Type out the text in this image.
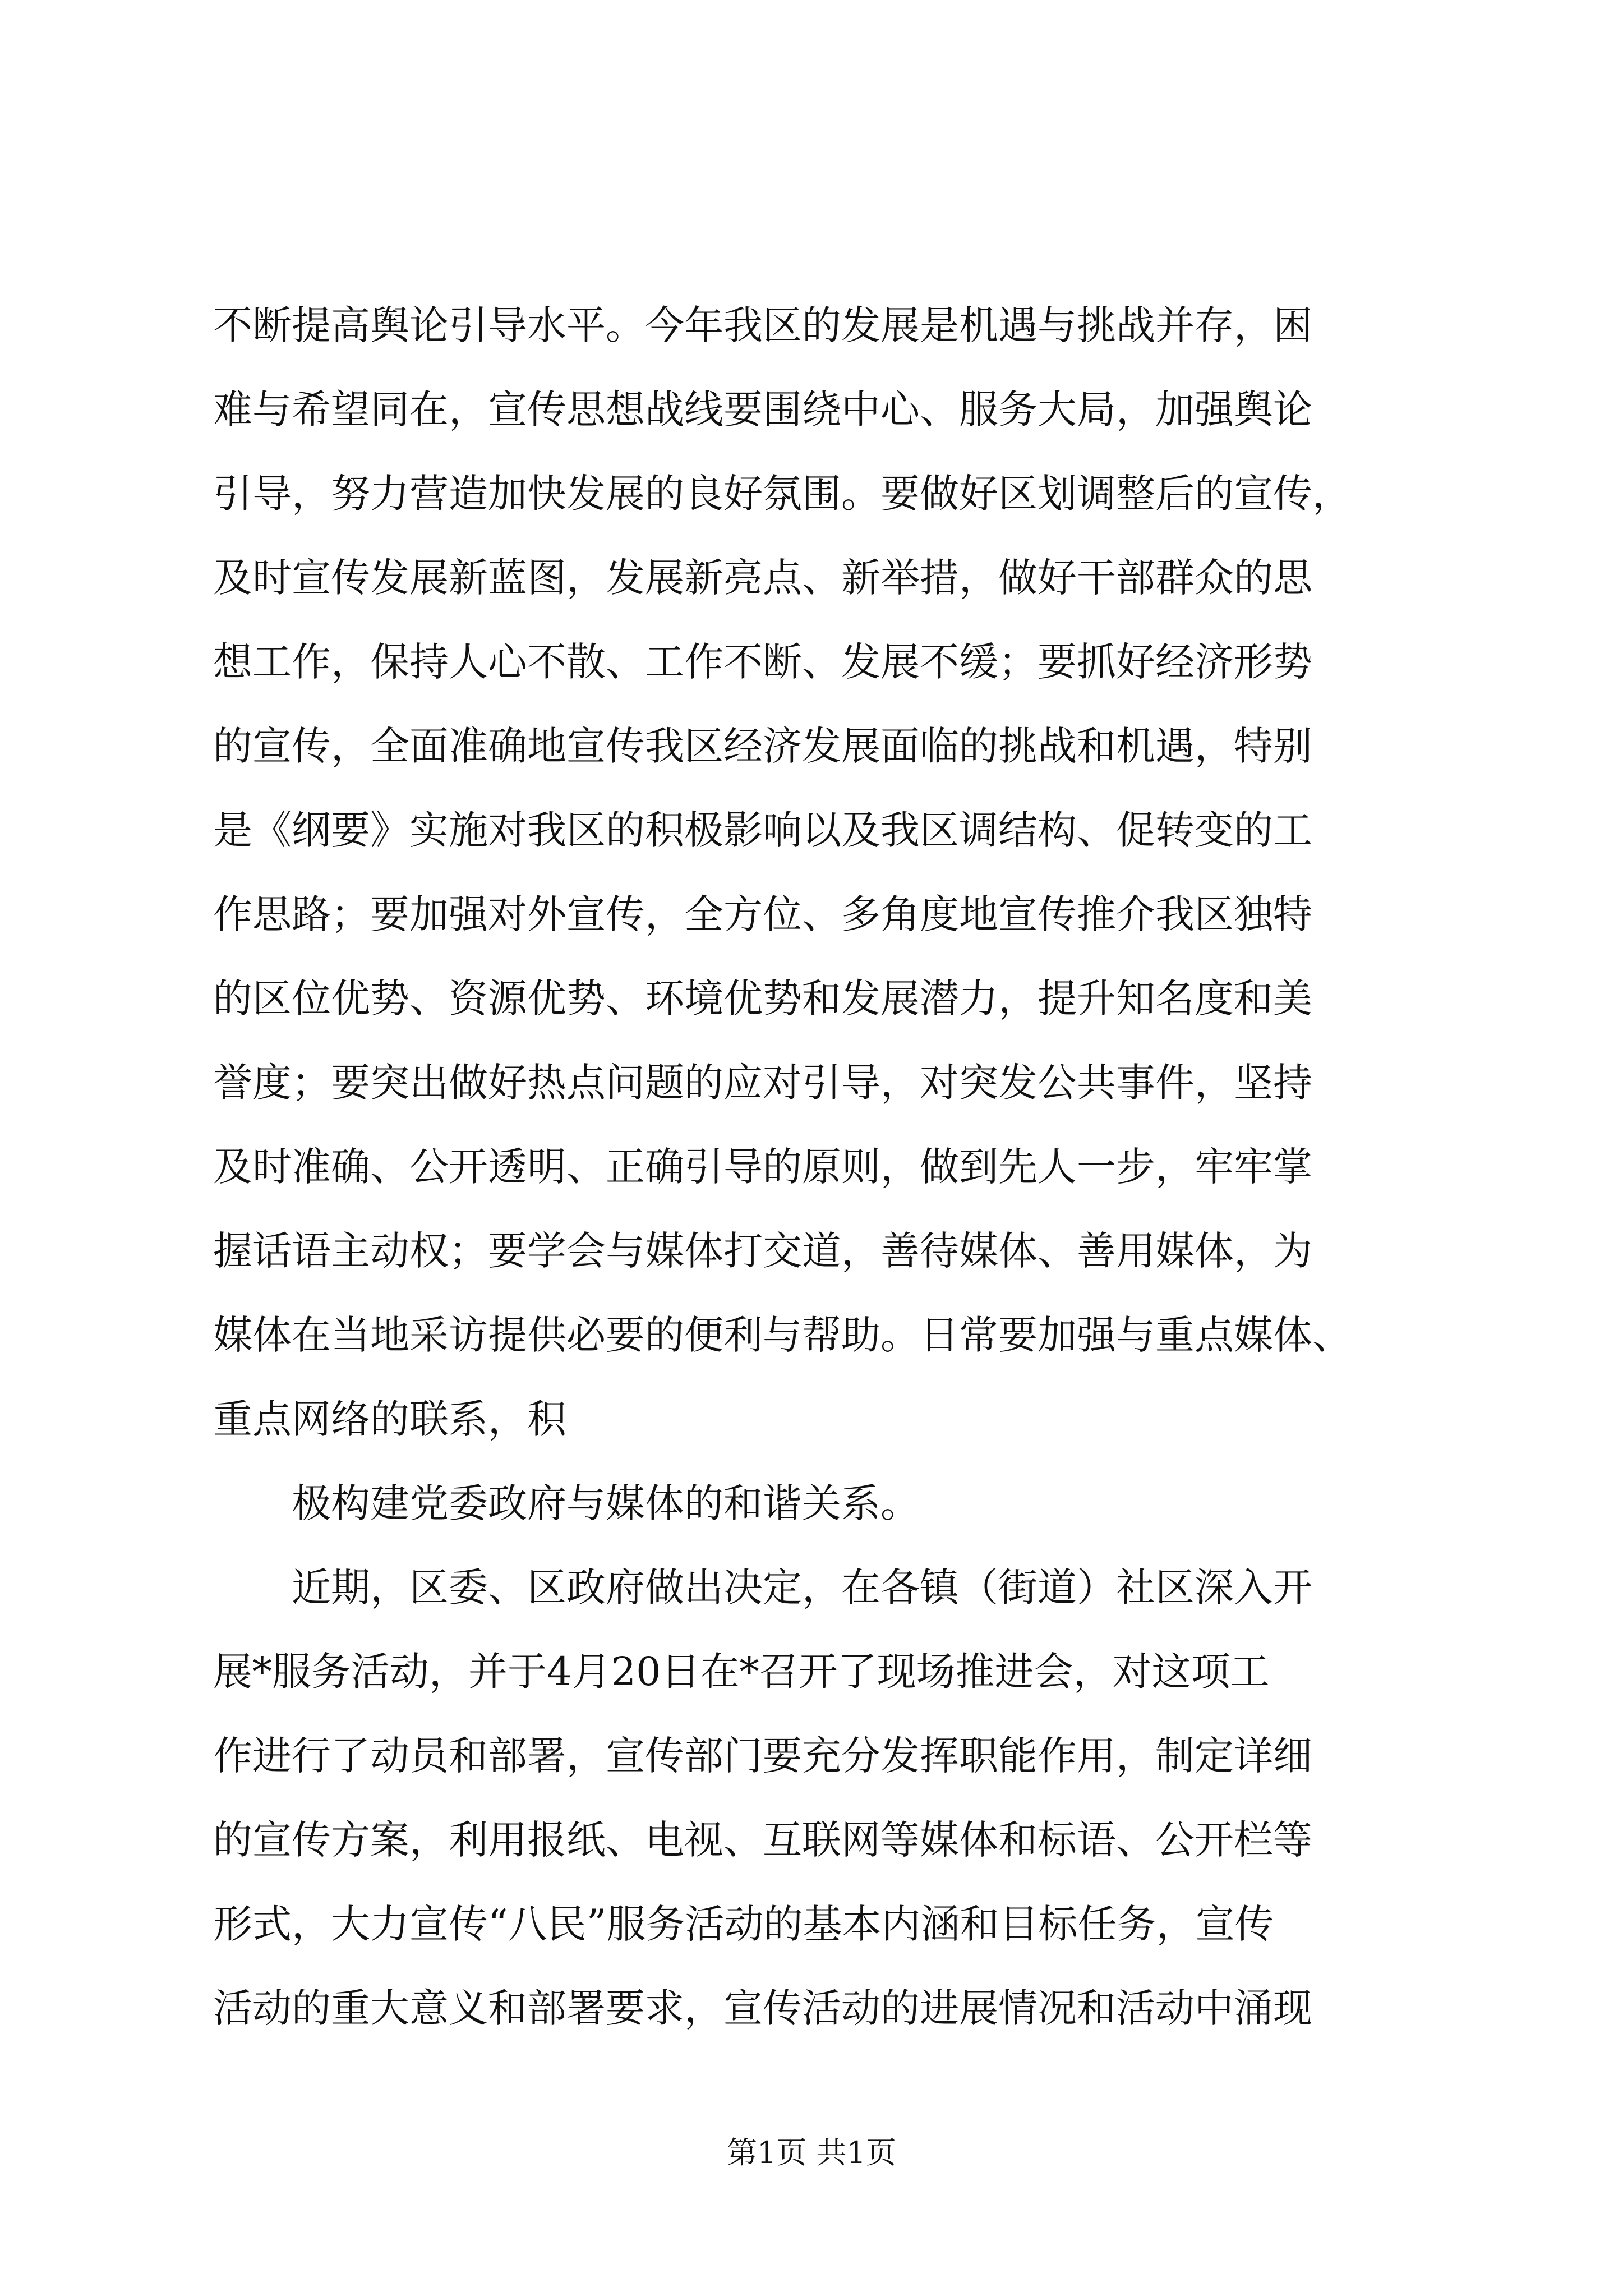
不断提高舆论引导水平。今年我区的发展是机遇与挑战并存，困
难与希望同在，宣传思想战线要围绕中心、服务大局，加强舆论
引导，努力营造加快发展的良好氛围。要做好区划调整后的宣传，
及时宣传发展新蓝图，发展新亮点、新举措，做好干部群众的思
想工作，保持人心不散、工作不断、发展不缓；要抓好经济形势
的宣传，全面准确地宣传我区经济发展面临的挑战和机遇，特别
是《纲要》实施对我区的积极影响以及我区调结构、促转变的工
作思路；要加强对外宣传，全方位、多角度地宣传推介我区独特
的区位优势、资源优势、环境优势和发展潜力，提升知名度和美
誉度；要突出做好热点问题的应对引导，对突发公共事件，坚持
及时准确、公开透明、正确引导的原则，做到先人一步，牢牢掌
握话语主动权；要学会与媒体打交道，善待媒体、善用媒体，为
媒体在当地采访提供必要的便利与帮助。日常要加强与重点媒体、
重点网络的联系，积
极构建党委政府与媒体的和谐关系。
近期，区委、区政府做出决定，在各镇（街道）社区深入开
展*服务活动，并于4月20日在*召开了现场推进会，对这项工
作进行了动员和部署，宣传部门要充分发挥职能作用，制定详细
的宣传方案，利用报纸、电视、互联网等媒体和标语、公开栏等
形式，大力宣传“八民”服务活动的基本内涵和目标任务，宣传
活动的重大意义和部署要求，宣传活动的进展情况和活动中涌现
第1页 共1页
